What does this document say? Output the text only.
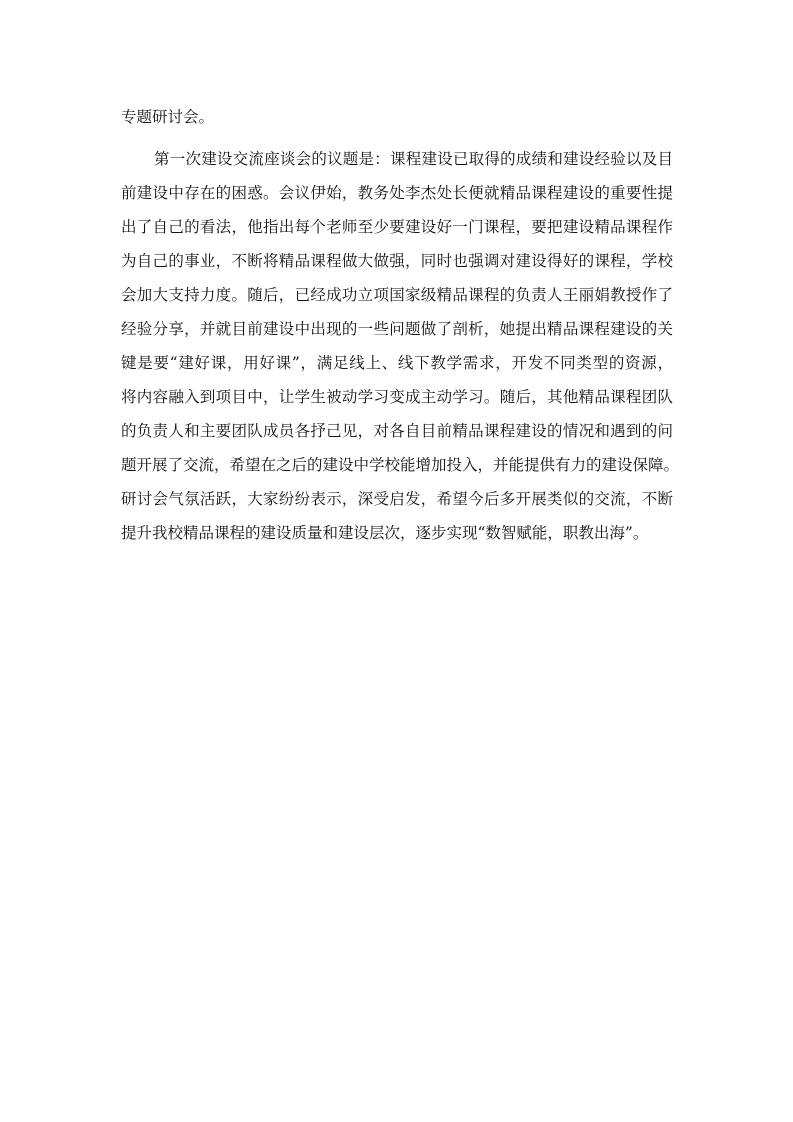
专题研讨会。
第一次建设交流座谈会的议题是：课程建设已取得的成绩和建设经验以及目
前建设中存在的困惑。会议伊始，教务处李杰处长便就精品课程建设的重要性提
出了自己的看法，他指出每个老师至少要建设好一门课程，要把建设精品课程作
为自己的事业，不断将精品课程做大做强，同时也强调对建设得好的课程，学校
会加大支持力度。随后，已经成功立项国家级精品课程的负责人王丽娟教授作了
经验分享，并就目前建设中出现的一些问题做了剖析，她提出精品课程建设的关
键是要“建好课，用好课”，满足线上、线下教学需求，开发不同类型的资源，
将内容融入到项目中，让学生被动学习变成主动学习。随后，其他精品课程团队
的负责人和主要团队成员各抒己见，对各自目前精品课程建设的情况和遇到的问
题开展了交流，希望在之后的建设中学校能增加投入，并能提供有力的建设保障。
研讨会气氛活跃，大家纷纷表示，深受启发，希望今后多开展类似的交流，不断
提升我校精品课程的建设质量和建设层次，逐步实现“数智赋能，职教出海”。
